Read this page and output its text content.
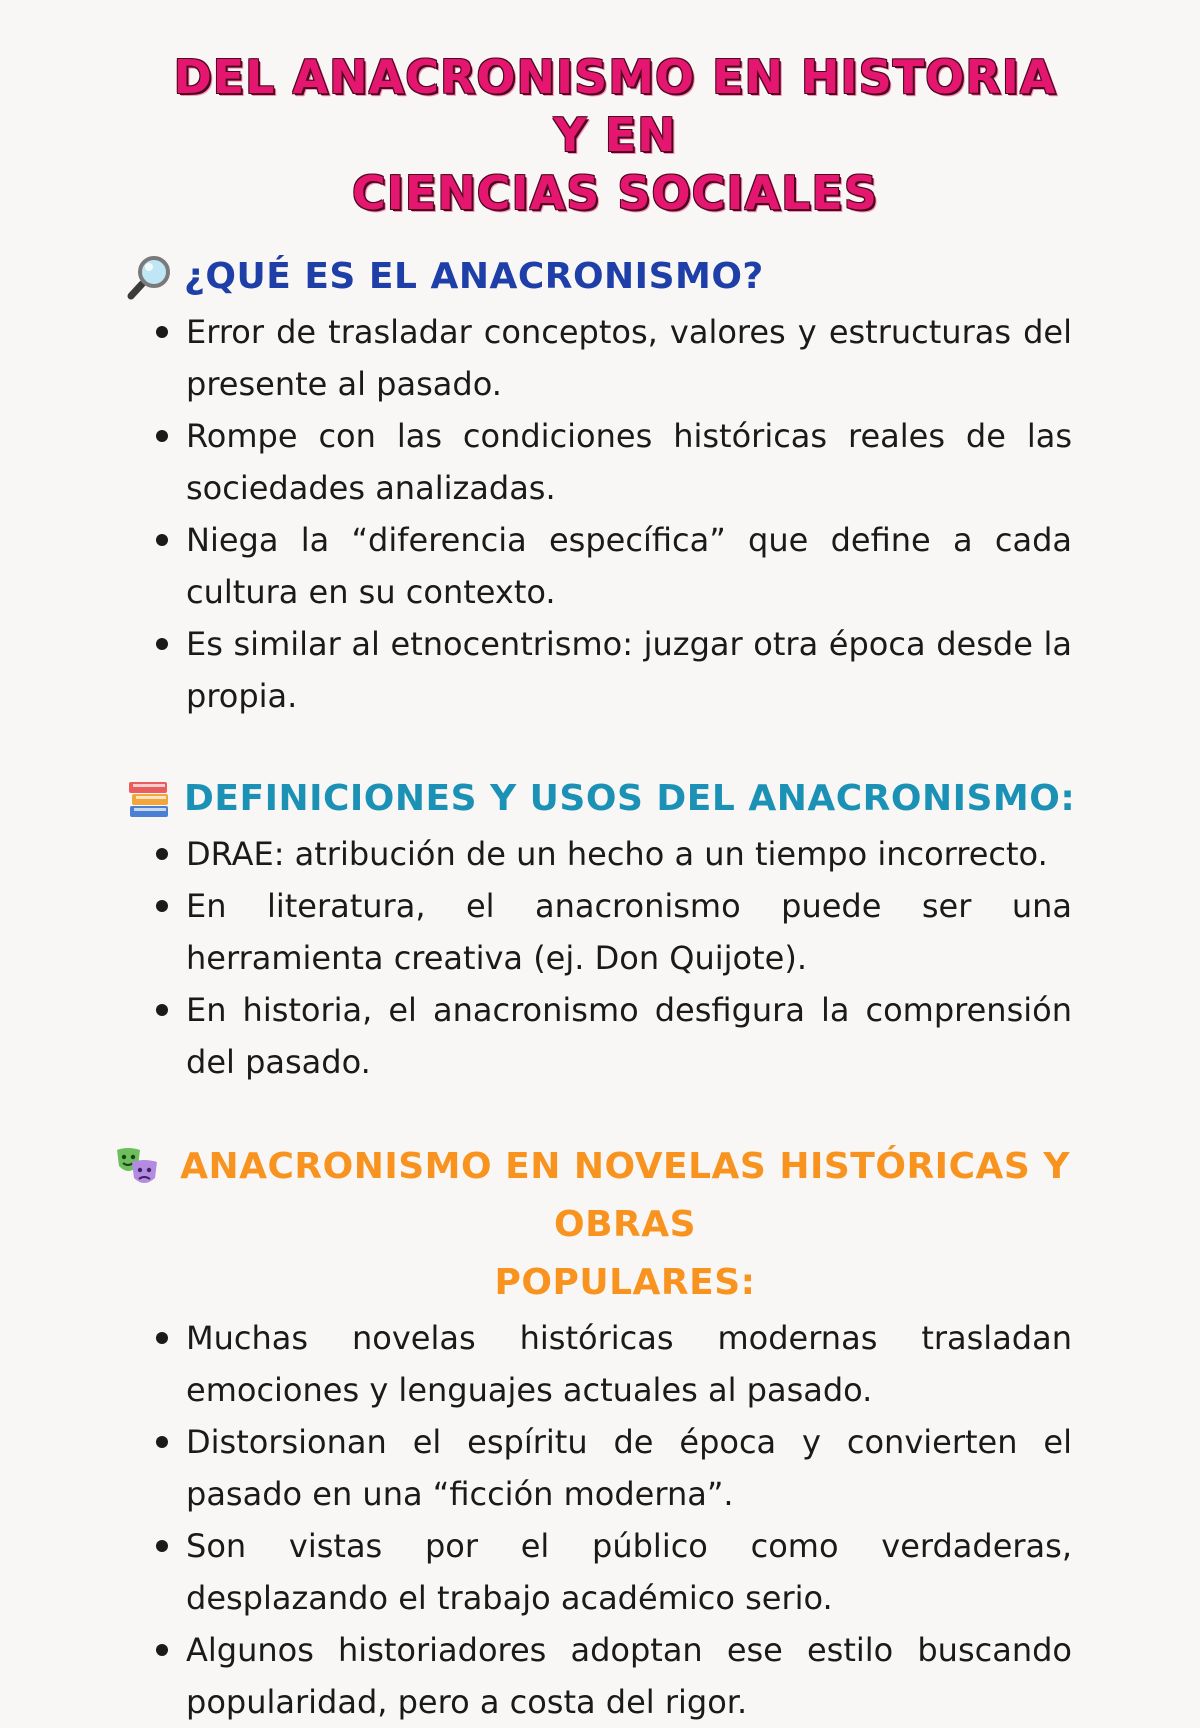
DEL ANACRONISMO EN HISTORIA Y EN
CIENCIAS SOCIALES
¿QUÉ ES EL ANACRONISMO?
Error de trasladar conceptos, valores y estructuras del presente al pasado.
Rompe con las condiciones históricas reales de las sociedades analizadas.
Niega la “diferencia específica” que define a cada cultura en su contexto.
Es similar al etnocentrismo: juzgar otra época desde la propia.
DEFINICIONES Y USOS DEL ANACRONISMO:
DRAE: atribución de un hecho a un tiempo incorrecto.
En literatura, el anacronismo puede ser una herramienta creativa (ej. Don Quijote).
En historia, el anacronismo desfigura la comprensión del pasado.
ANACRONISMO EN NOVELAS HISTÓRICAS Y OBRAS
POPULARES:
Muchas novelas históricas modernas trasladan emociones y lenguajes actuales al pasado.
Distorsionan el espíritu de época y convierten el pasado en una “ficción moderna”.
Son vistas por el público como verdaderas, desplazando el trabajo académico serio.
Algunos historiadores adoptan ese estilo buscando popularidad, pero a costa del rigor.
